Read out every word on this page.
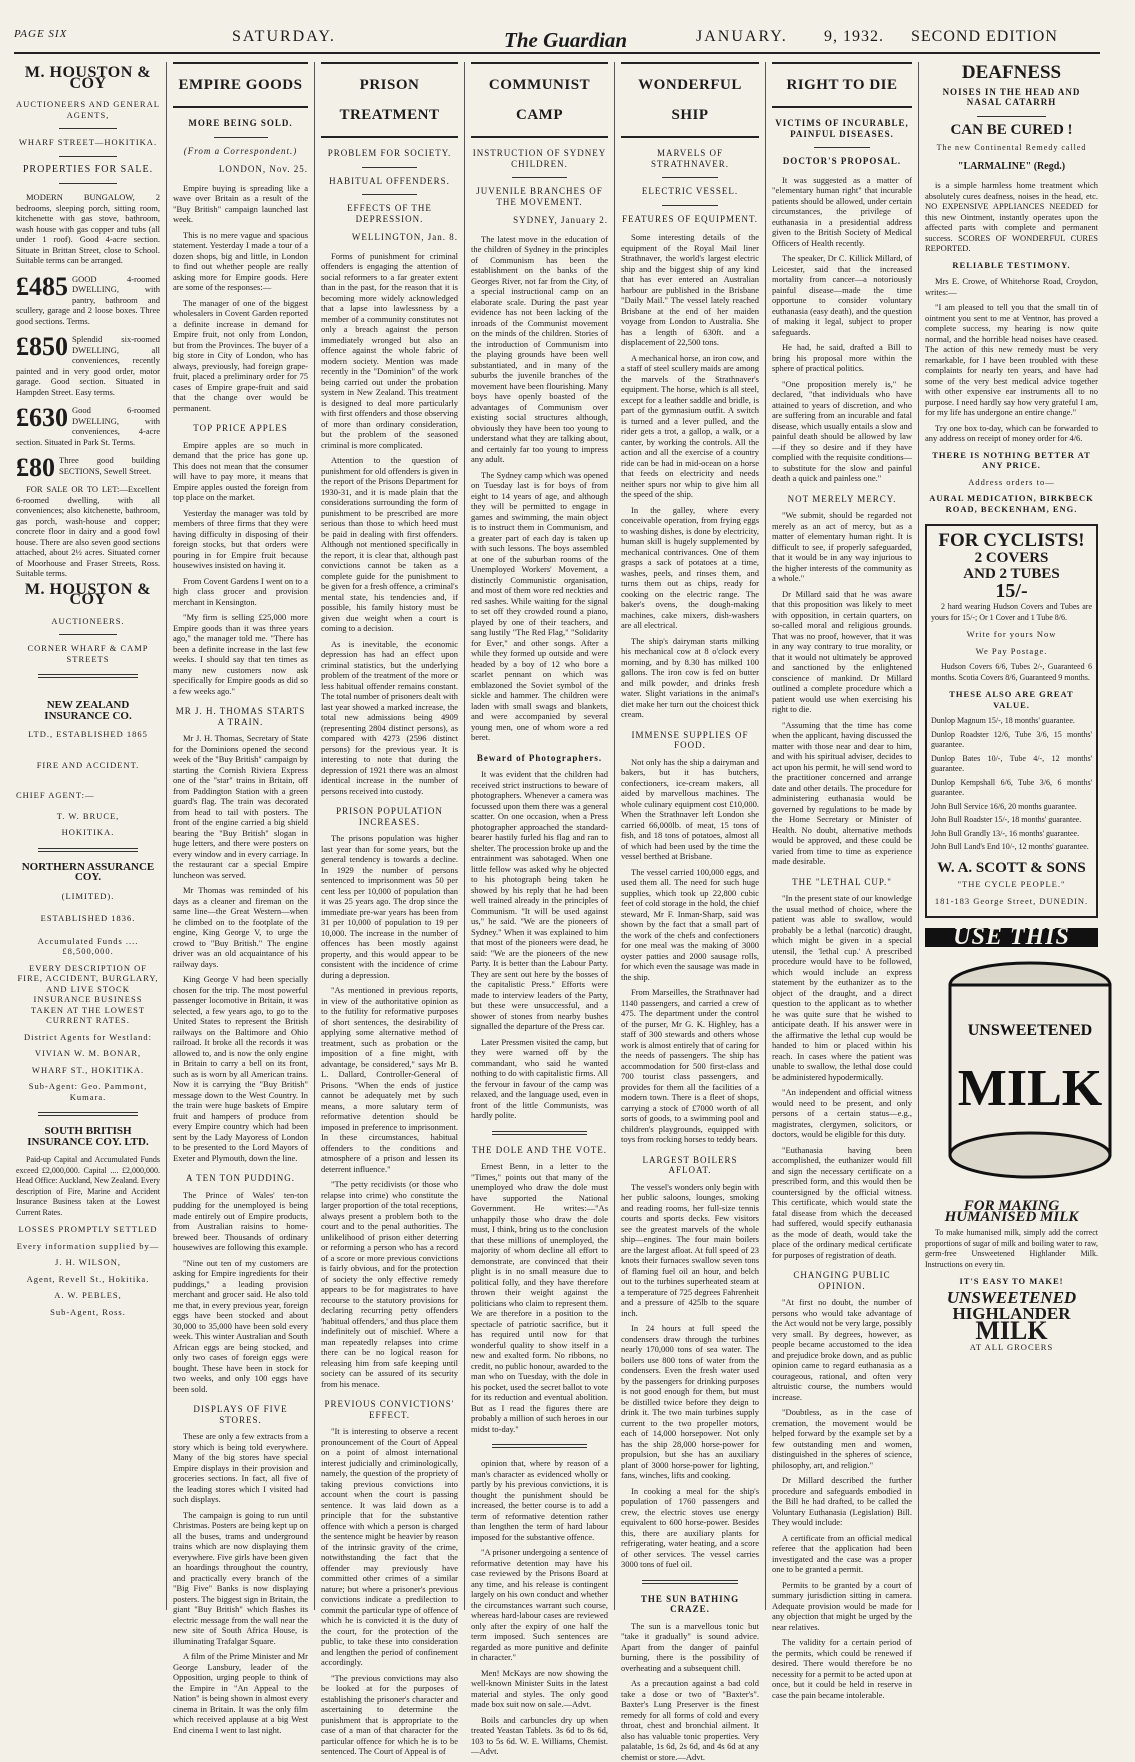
PAGE SIX	SATURDAY.	The Guardian	JANUARY. 9, 1932. SECOND EDITION
M. HOUSTON & COY
AUCTIONEERS AND GENERAL AGENTS,
WHARF STREET—HOKITIKA.
PROPERTIES FOR SALE.

MODERN BUNGALOW, 2 bedrooms, sleeping porch, sitting room, kitchenette with gas stove, bathroom, wash house with gas copper and tubs (all under 1 roof). Good 4-acre section. Situate in Brittan Street, close to School. Suitable terms can be arranged.

£485 GOOD 4-roomed DWELLING, with pantry, bathroom and scullery, garage and 2 loose boxes. Three good sections. Terms.
£850 Splendid six-roomed DWELLING, all conveniences, recently painted and in very good order, motor garage. Good section. Situated in Hampden Street. Easy terms.
£630 Good 6-roomed DWELLING, with conveniences, 4-acre section. Situated in Park St. Terms.
£80 Three good building SECTIONS, Sewell Street.

FOR SALE OR TO LET:—Excellent 6-roomed dwelling, with all conveniences; also kitchenette, bathroom, gas porch, wash-house and copper; concrete floor in dairy and a good fowl house. There are also seven good sections attached, about 2½ acres. Situated corner of Moorhouse and Fraser Streets, Ross. Suitable terms.

M. HOUSTON & COY
AUCTIONEERS.
CORNER WHARF & CAMP STREETS
NEW ZEALAND INSURANCE CO.
LTD., ESTABLISHED 1865
FIRE AND ACCIDENT.
CHIEF AGENT:—
T. W. BRUCE,
HOKITIKA.
NORTHERN ASSURANCE COY.
(LIMITED).
ESTABLISHED 1836.
Accumulated Funds .... £8,500,000.
EVERY DESCRIPTION OF FIRE, ACCIDENT, BURGLARY, AND LIVE STOCK INSURANCE BUSINESS TAKEN AT THE LOWEST CURRENT RATES.
District Agents for Westland:
VIVIAN W. M. BONAR,
WHARF ST., HOKITIKA.
Sub-Agent: Geo. Pammont, Kumara.
SOUTH BRITISH INSURANCE COY. LTD.

Paid-up Capital and Accumulated Funds exceed £2,000,000. Capital .... £2,000,000. Head Office: Auckland, New Zealand. Every description of Fire, Marine and Accident Insurance Business taken at the Lowest Current Rates.

LOSSES PROMPTLY SETTLED
Every information supplied by—
J. H. WILSON,
Agent, Revell St., Hokitika.
A. W. PEBLES,
Sub-Agent, Ross.
EMPIRE GOODS
MORE BEING SOLD.
(From a Correspondent.)
LONDON, Nov. 25.

Empire buying is spreading like a wave over Britain as a result of the "Buy British" campaign launched last week.

This is no mere vague and spacious statement. Yesterday I made a tour of a dozen shops, big and little, in London to find out whether people are really asking more for Empire goods. Here are some of the responses:—

The manager of one of the biggest wholesalers in Covent Garden reported a definite increase in demand for Empire fruit, not only from London, but from the Provinces. The buyer of a big store in City of London, who has always, previously, had foreign grape-fruit, placed a preliminary order for 75 cases of Empire grape-fruit and said that the change over would be permanent.

TOP PRICE APPLES

Empire apples are so much in demand that the price has gone up. This does not mean that the consumer will have to pay more, it means that Empire apples ousted the foreign from top place on the market.

Yesterday the manager was told by members of three firms that they were having difficulty in disposing of their foreign stocks, but that orders were pouring in for Empire fruit because housewives insisted on having it.

From Covent Gardens I went on to a high class grocer and provision merchant in Kensington.

"My firm is selling £25,000 more Empire goods than it was three years ago," the manager told me. "There has been a definite increase in the last few weeks. I should say that ten times as many new customers now ask specifically for Empire goods as did so a few weeks ago."

MR J. H. THOMAS STARTS A TRAIN.

Mr J. H. Thomas, Secretary of State for the Dominions opened the second week of the "Buy British" campaign by starting the Cornish Riviera Express one of the "star" trains in Britain, off from Paddington Station with a green guard's flag. The train was decorated from head to tail with posters. The front of the engine carried a big shield bearing the "Buy British" slogan in huge letters, and there were posters on every window and in every carriage. In the restaurant car a special Empire luncheon was served.

Mr Thomas was reminded of his days as a cleaner and fireman on the same line—the Great Western—when he climbed on to the footplate of the engine, King George V, to urge the crowd to "Buy British." The engine driver was an old acquaintance of his railway days.

King George V had been specially chosen for the trip. The most powerful passenger locomotive in Britain, it was selected, a few years ago, to go to the United States to represent the British railways on the Baltimore and Ohio railroad. It broke all the records it was allowed to, and is now the only engine in Britain to carry a bell on its front, such as is worn by all American trains. Now it is carrying the "Buy British" message down to the West Country. In the train were huge baskets of Empire fruit and hampers of produce from every Empire country which had been sent by the Lady Mayoress of London to be presented to the Lord Mayors of Exeter and Plymouth, down the line.

A TEN TON PUDDING.

The Prince of Wales' ten-ton pudding for the unemployed is being made entirely out of Empire products, from Australian raisins to home-brewed beer. Thousands of ordinary housewives are following this example.

"Nine out ten of my customers are asking for Empire ingredients for their puddings," a leading provision merchant and grocer said. He also told me that, in every previous year, foreign eggs have been stocked and about 30,000 to 35,000 have been sold every week. This winter Australian and South African eggs are being stocked, and only two cases of foreign eggs were bought. These have been in stock for two weeks, and only 100 eggs have been sold.

DISPLAYS OF FIVE STORES.

These are only a few extracts from a story which is being told everywhere. Many of the big stores have special Empire displays in their provision and groceries sections. In fact, all five of the leading stores which I visited had such displays.

The campaign is going to run until Christmas. Posters are being kept up on all the buses, trams and underground trains which are now displaying them everywhere. Five girls have been given an hoardings throughout the country, and practically every branch of the "Big Five" Banks is now displaying posters. The biggest sign in Britain, the giant "Buy British" which flashes its electric message from the wall near the new site of South Africa House, is illuminating Trafalgar Square.

A film of the Prime Minister and Mr George Lansbury, leader of the Opposition, urging people to think of the Empire in "An Appeal to the Nation" is being shown in almost every cinema in Britain. It was the only film which received applause at a big West End cinema I went to last night.

PRISON TREATMENT
PROBLEM FOR SOCIETY.
HABITUAL OFFENDERS.
EFFECTS OF THE DEPRESSION.
WELLINGTON, Jan. 8.

Forms of punishment for criminal offenders is engaging the attention of social reformers to a far greater extent than in the past, for the reason that it is becoming more widely acknowledged that a lapse into lawlessness by a member of a community constitutes not only a breach against the person immediately wronged but also an offence against the whole fabric of modern society. Mention was made recently in the "Dominion" of the work being carried out under the probation system in New Zealand. This treatment is designed to deal more particularly with first offenders and those observing of more than ordinary consideration, but the problem of the seasoned criminal is more complicated.

Attention to the question of punishment for old offenders is given in the report of the Prisons Department for 1930-31, and it is made plain that the considerations surrounding the form of punishment to be prescribed are more serious than those to which heed must be paid in dealing with first offenders. Although not mentioned specifically in the report, it is clear that, although past convictions cannot be taken as a complete guide for the punishment to be given for a fresh offence, a criminal's mental state, his tendencies and, if possible, his family history must be given due weight when a court is coming to a decision.

As is inevitable, the economic depression has had an effect upon criminal statistics, but the underlying problem of the treatment of the more or less habitual offender remains constant. The total number of prisoners dealt with last year showed a marked increase, the total new admissions being 4909 (representing 2804 distinct persons), as compared with 4273 (2596 distinct persons) for the previous year. It is interesting to note that during the depression of 1921 there was an almost identical increase in the number of persons received into custody.

PRISON POPULATION INCREASES.

The prisons population was higher last year than for some years, but the general tendency is towards a decline. In 1929 the number of persons sentenced to imprisonment was 50 per cent less per 10,000 of population than it was 25 years ago. The drop since the immediate pre-war years has been from 31 per 10,000 of population to 19 per 10,000. The increase in the number of offences has been mostly against property, and this would appear to be consistent with the incidence of crime during a depression.

"As mentioned in previous reports, in view of the authoritative opinion as to the futility for reformative purposes of short sentences, the desirability of applying some alternative method of treatment, such as probation or the imposition of a fine might, with advantage, be considered," says Mr B. L. Dallard, Controller-General of Prisons. "When the ends of justice cannot be adequately met by such means, a more salutary term of reformative detention should be imposed in preference to imprisonment. In these circumstances, habitual offenders to the conditions and atmosphere of a prison and lessen its deterrent influence."

"The petty recidivists (or those who relapse into crime) who constitute the larger proportion of the total receptions, always present a problem both to the court and to the penal authorities. The unlikelihood of prison either deterring or reforming a person who has a record of a score or more previous convictions is fairly obvious, and for the protection of society the only effective remedy appears to be for magistrates to have recourse to the statutory provisions for declaring recurring petty offenders 'habitual offenders,' and thus place them indefinitely out of mischief. Where a man repeatedly relapses into crime there can be no logical reason for releasing him from safe keeping until society can be assured of its security from his menace.

PREVIOUS CONVICTIONS' EFFECT.

"It is interesting to observe a recent pronouncement of the Court of Appeal on a point of almost international interest judicially and criminologically, namely, the question of the propriety of taking previous convictions into account when the court is passing sentence. It was laid down as a principle that for the substantive offence with which a person is charged the sentence might be heavier by reason of the intrinsic gravity of the crime, notwithstanding the fact that the offender may previously have committed other crimes of a similar nature; but where a prisoner's previous convictions indicate a predilection to commit the particular type of offence of which he is convicted it is the duty of the court, for the protection of the public, to take these into consideration and lengthen the period of confinement accordingly.

"The previous convictions may also be looked at for the purposes of establishing the prisoner's character and ascertaining to determine the punishment that is appropriate to the case of a man of that character for the particular offence for which he is to be sentenced. The Court of Appeal is of

COMMUNIST CAMP
INSTRUCTION OF SYDNEY CHILDREN.
JUVENILE BRANCHES OF THE MOVEMENT.
SYDNEY, January 2.

The latest move in the education of the children of Sydney in the principles of Communism has been the establishment on the banks of the Georges River, not far from the City, of a special instructional camp on an elaborate scale. During the past year evidence has not been lacking of the inroads of the Communist movement on the minds of the children. Stories of the introduction of Communism into the playing grounds have been well substantiated, and in many of the suburbs the juvenile branches of the movement have been flourishing. Many boys have openly boasted of the advantages of Communism over existing social structures although, obviously they have been too young to understand what they are talking about, and certainly far too young to impress any adult.

The Sydney camp which was opened on Tuesday last is for boys of from eight to 14 years of age, and although they will be permitted to engage in games and swimming, the main object is to instruct them in Communism, and a greater part of each day is taken up with such lessons. The boys assembled at one of the suburban rooms of the Unemployed Workers' Movement, a distinctly Communistic organisation, and most of them wore red neckties and red sashes. While waiting for the signal to set off they crowded round a piano, played by one of their teachers, and sang lustily "The Red Flag," "Solidarity for Ever," and other songs. After a while they formed up outside and were headed by a boy of 12 who bore a scarlet pennant on which was emblazoned the Soviet symbol of the sickle and hammer. The children were laden with small swags and blankets, and were accompanied by several young men, one of whom wore a red beret.

Beward of Photographers.

It was evident that the children had received strict instructions to beware of photographers. Whenever a camera was focussed upon them there was a general scatter. On one occasion, when a Press photographer approached the standard-bearer hastily furled his flag and ran to shelter. The procession broke up and the entrainment was sabotaged. When one little fellow was asked why he objected to his photograph being taken he showed by his reply that he had been well trained already in the principles of Communism. "It will be used against us," he said. "We are the pioneers of Sydney." When it was explained to him that most of the pioneers were dead, he said: "We are the pioneers of the new Party. It is better than the Labour Party. They are sent out here by the bosses of the capitalistic Press." Efforts were made to interview leaders of the Party, but these were unsuccessful, and a shower of stones from nearby bushes signalled the departure of the Press car.

Later Pressmen visited the camp, but they were warned off by the commandant, who said he wanted nothing to do with capitalistic firms. All the fervour in favour of the camp was relaxed, and the language used, even in front of the little Communists, was hardly polite.

THE DOLE AND THE VOTE.

Ernest Benn, in a letter to the "Times," points out that many of the unemployed who draw the dole must have supported the National Government. He writes:—"As unhappily those who draw the dole must, I think, bring us to the conclusion that these millions of unemployed, the majority of whom decline all effort to demonstrate, are convinced that their plight is in no small measure due to political folly, and they have therefore thrown their weight against the politicians who claim to represent them. We are therefore in a position to the spectacle of patriotic sacrifice, but it has required until now for that wonderful quality to show itself in a new and exalted form. No ribbons, no credit, no public honour, awarded to the man who on Tuesday, with the dole in his pocket, used the secret ballot to vote for its reduction and eventual abolition. But as I read the figures there are probably a million of such heroes in our midst to-day."

opinion that, where by reason of a man's character as evidenced wholly or partly by his previous convictions, it is thought the punishment should be increased, the better course is to add a term of reformative detention rather than lengthen the term of hard labour imposed for the substantive offence.

"A prisoner undergoing a sentence of reformative detention may have his case reviewed by the Prisons Board at any time, and his release is contingent largely on his own conduct and whether the circumstances warrant such course, whereas hard-labour cases are reviewed only after the expiry of one half the term imposed. Such sentences are regarded as more punitive and definite in character."

Men! McKays are now showing the well-known Minister Suits in the latest material and styles. The only good made box suit now on sale.—Advt.

Boils and carbuncles dry up when treated Yeastan Tablets. 3s 6d to 8s 6d, 103 to 5s 6d. W. E. Williams, Chemist.—Advt.

WONDERFUL SHIP
MARVELS OF STRATHNAVER.
ELECTRIC VESSEL.
FEATURES OF EQUIPMENT.

Some interesting details of the equipment of the Royal Mail liner Strathnaver, the world's largest electric ship and the biggest ship of any kind that has ever entered an Australian harbour are published in the Brisbane "Daily Mail." The vessel lately reached Brisbane at the end of her maiden voyage from London to Australia. She has a length of 630ft. and a displacement of 22,500 tons.

A mechanical horse, an iron cow, and a staff of steel scullery maids are among the marvels of the Strathnaver's equipment. The horse, which is all steel, except for a leather saddle and bridle, is part of the gymnasium outfit. A switch is turned and a lever pulled, and the rider gets a trot, a gallop, a walk, or a canter, by working the controls. All the action and all the exercise of a country ride can be had in mid-ocean on a horse that feeds on electricity and needs neither spurs nor whip to give him all the speed of the ship.

In the galley, where every conceivable operation, from frying eggs to washing dishes, is done by electricity, human skill is hugely supplemented by mechanical contrivances. One of them grasps a sack of potatoes at a time, washes, peels, and rinses them, and turns them out as chips, ready for cooking on the electric range. The baker's ovens, the dough-making machines, cake mixers, dish-washers are all electrical.

The ship's dairyman starts milking his mechanical cow at 8 o'clock every morning, and by 8.30 has milked 100 gallons. The iron cow is fed on butter and milk powder, and drinks fresh water. Slight variations in the animal's diet make her turn out the choicest thick cream.

IMMENSE SUPPLIES OF FOOD.

Not only has the ship a dairyman and bakers, but it has butchers, confectioners, ice-cream makers, all aided by marvellous machines. The whole culinary equipment cost £10,000. When the Strathnaver left London she carried 66,000lb. of meat, 15 tons of fish, and 18 tons of potatoes, almost all of which had been used by the time the vessel berthed at Brisbane.

The vessel carried 100,000 eggs, and used them all. The need for such huge supplies, which took up 22,800 cubic feet of cold storage in the hold, the chief steward, Mr F. Inman-Sharp, said was shown by the fact that a small part of the work of the chefs and confectioners for one meal was the making of 3000 oyster patties and 2000 sausage rolls, for which even the sausage was made in the ship.

From Marseilles, the Strathnaver had 1140 passengers, and carried a crew of 475. The department under the control of the purser, Mr G. K. Highley, has a staff of 300 stewards and others whose work is almost entirely that of caring for the needs of passengers. The ship has accommodation for 500 first-class and 700 tourist class passengers, and provides for them all the facilities of a modern town. There is a fleet of shops, carrying a stock of £7000 worth of all sorts of goods, to a swimming pool and children's playgrounds, equipped with toys from rocking horses to teddy bears.

LARGEST BOILERS AFLOAT.

The vessel's wonders only begin with her public saloons, lounges, smoking and reading rooms, her full-size tennis courts and sports decks. Few visitors see the greatest marvels of the whole ship—engines. The four main boilers are the largest afloat. At full speed of 23 knots their furnaces swallow seven tons of flaming fuel oil an hour, and belch out to the turbines superheated steam at a temperature of 725 degrees Fahrenheit and a pressure of 425lb to the square inch.

In 24 hours at full speed the condensers draw through the turbines nearly 170,000 tons of sea water. The boilers use 800 tons of water from the condensers. Even the fresh water used by the passengers for drinking purposes is not good enough for them, but must be distilled twice before they deign to drink it. The two main turbines supply current to the two propeller motors, each of 14,000 horsepower. Not only has the ship 28,000 horse-power for propulsion, but she has an auxiliary plant of 3000 horse-power for lighting, fans, winches, lifts and cooking.

In cooking a meal for the ship's population of 1760 passengers and crew, the electric stoves use energy equivalent to 600 horse-power. Besides this, there are auxiliary plants for refrigerating, water heating, and a score of other services. The vessel carries 3000 tons of fuel oil.

THE SUN BATHING CRAZE.

The sun is a marvellous tonic but "take it gradually" is sound advice. Apart from the danger of painful burning, there is the possibility of overheating and a subsequent chill.

As a precaution against a bad cold take a dose or two of "Baxter's". Baxter's Lung Preserver is the finest remedy for all forms of cold and every throat, chest and bronchial ailment. It also has valuable tonic properties. Very palatable, 1s 6d, 2s 6d, and 4s 6d at any chemist or store.—Advt.

RIGHT TO DIE
VICTIMS OF INCURABLE, PAINFUL DISEASES.
DOCTOR'S PROPOSAL.

It was suggested as a matter of "elementary human right" that incurable patients should be allowed, under certain circumstances, the privilege of euthanasia in a presidential address given to the British Society of Medical Officers of Health recently.

The speaker, Dr C. Killick Millard, of Leicester, said that the increased mortality from cancer—a notoriously painful disease—made the time opportune to consider voluntary euthanasia (easy death), and the question of making it legal, subject to proper safeguards.

He had, he said, drafted a Bill to bring his proposal more within the sphere of practical politics.

"One proposition merely is," he declared, "that individuals who have attained to years of discretion, and who are suffering from an incurable and fatal disease, which usually entails a slow and painful death should be allowed by law—if they so desire and if they have complied with the requisite conditions—to substitute for the slow and painful death a quick and painless one."

NOT MERELY MERCY.

"We submit, should be regarded not merely as an act of mercy, but as a matter of elementary human right. It is difficult to see, if properly safeguarded, that it would be in any way injurious to the higher interests of the community as a whole."

Dr Millard said that he was aware that this proposition was likely to meet with opposition, in certain quarters, on so-called moral and religious grounds. That was no proof, however, that it was in any way contrary to true morality, or that it would not ultimately be approved and sanctioned by the enlightened conscience of mankind. Dr Millard outlined a complete procedure which a patient would use when exercising his right to die.

"Assuming that the time has come when the applicant, having discussed the matter with those near and dear to him, and with his spiritual adviser, decides to act upon his permit, he will send word to the practitioner concerned and arrange date and other details. The procedure for administering euthanasia would be governed by regulations to be made by the Home Secretary or Minister of Health. No doubt, alternative methods would be approved, and these could be varied from time to time as experience made desirable.

THE "LETHAL CUP."

"In the present state of our knowledge the usual method of choice, where the patient was able to swallow, would probably be a lethal (narcotic) draught, which might be given in a special utensil, the 'lethal cup.' A prescribed procedure would have to be followed, which would include an express statement by the euthanizer as to the object of the draught, and a direct question to the applicant as to whether he was quite sure that he wished to anticipate death. If his answer were in the affirmative the lethal cup would be handed to him or placed within his reach. In cases where the patient was unable to swallow, the lethal dose could be administered hypodermically.

"An independent and official witness would need to be present, and only persons of a certain status—e.g., magistrates, clergymen, solicitors, or doctors, would be eligible for this duty.

"Euthanasia having been accomplished, the euthanizer would fill and sign the necessary certificate on a prescribed form, and this would then be countersigned by the official witness. This certificate, which would state the fatal disease from which the deceased had suffered, would specify euthanasia as the mode of death, would take the place of the ordinary medical certificate for purposes of registration of death.

CHANGING PUBLIC OPINION.

"At first no doubt, the number of persons who would take advantage of the Act would not be very large, possibly very small. By degrees, however, as people became accustomed to the idea and prejudice broke down, and as public opinion came to regard euthanasia as a courageous, rational, and often very altruistic course, the numbers would increase.

"Doubtless, as in the case of cremation, the movement would be helped forward by the example set by a few outstanding men and women, distinguished in the spheres of science, philosophy, art, and religion."

Dr Millard described the further procedure and safeguards embodied in the Bill he had drafted, to be called the Voluntary Euthanasia (Legislation) Bill. They would include:

A certificate from an official medical referee that the application had been investigated and the case was a proper one to be granted a permit.

Permits to be granted by a court of summary jurisdiction sitting in camera. Adequate provision would be made for any objection that might be urged by the near relatives.

The validity for a certain period of the permits, which could be renewed if desired. There would therefore be no necessity for a permit to be acted upon at once, but it could be held in reserve in case the pain became intolerable.

DEAFNESS
NOISES IN THE HEAD AND NASAL CATARRH
CAN BE CURED !
The new Continental Remedy called
"LARMALINE" (Regd.)

is a simple harmless home treatment which absolutely cures deafness, noises in the head, etc. NO EXPENSIVE APPLIANCES NEEDED for this new Ointment, instantly operates upon the affected parts with complete and permanent success. SCORES OF WONDERFUL CURES REPORTED.

RELIABLE TESTIMONY.

Mrs E. Crowe, of Whitehorse Road, Croydon, writes:—

"I am pleased to tell you that the small tin of ointment you sent to me at Ventnor, has proved a complete success, my hearing is now quite normal, and the horrible head noises have ceased. The action of this new remedy must be very remarkable, for I have been troubled with these complaints for nearly ten years, and have had some of the very best medical advice together with other expensive ear instruments all to no purpose. I need hardly say how very grateful I am, for my life has undergone an entire change."

Try one box to-day, which can be forwarded to any address on receipt of money order for 4/6.

THERE IS NOTHING BETTER AT ANY PRICE.
Address orders to—
AURAL MEDICATION, BIRKBECK ROAD, BECKENHAM, ENG.
FOR CYCLISTS!
2 COVERS
AND 2 TUBES
15/-

2 hard wearing Hudson Covers and Tubes are yours for 15/-; Or 1 Cover and 1 Tube 8/6.

Write for yours Now
We Pay Postage.

Hudson Covers 6/6, Tubes 2/-, Guaranteed 6 months. Scotia Covers 8/6, Guaranteed 9 months.

THESE ALSO ARE GREAT VALUE.
Dunlop Magnum 15/-, 18 months' guarantee.
Dunlop Roadster 12/6, Tube 3/6, 15 months' guarantee.
Dunlop Bates 10/-, Tube 4/-, 12 months' guarantee.
Dunlop Kempshall 6/6, Tube 3/6, 6 months' guarantee.
John Bull Service 16/6, 20 months guarantee.
John Bull Roadster 15/-, 18 months' guarantee.
John Bull Grandly 13/-, 16 months' guarantee.
John Bull Land's End 10/-, 12 months' guarantee.
W. A. SCOTT & SONS
"THE CYCLE PEOPLE."
181-183 George Street, DUNEDIN.
USE THIS
UNSWEETENED
MILK
FOR MAKING HUMANISED MILK

To make humanised milk, simply add the correct proportions of sugar of milk and boiling water to raw, germ-free Unsweetened Highlander Milk. Instructions on every tin.

IT'S EASY TO MAKE!
UNSWEETENED
HIGHLANDER
MILK
AT ALL GROCERS
